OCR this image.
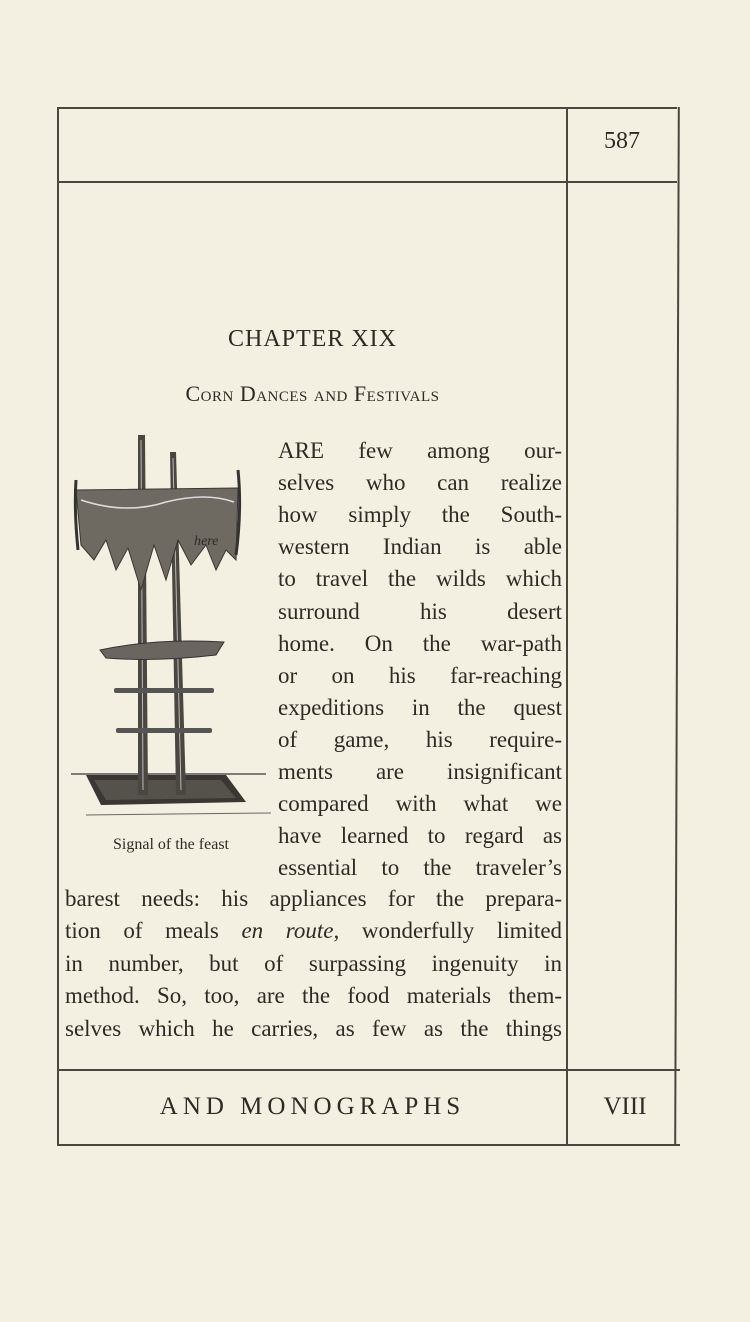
587
CHAPTER XIX
Corn Dances and Festivals
here
Signal of the feast
ARE few among our-
selves who can realize
how simply the South-
western Indian is able
to travel the wilds which
surround his desert
home. On the war-path
or on his far-reaching
expeditions in the quest
of game, his require-
ments are insignificant
compared with what we
have learned to regard as
essential to the traveler’s
barest needs: his appliances for the prepara-
tion of meals en route, wonderfully limited
in number, but of surpassing ingenuity in
method. So, too, are the food materials them-
selves which he carries, as few as the things
AND MONOGRAPHS	VIII
